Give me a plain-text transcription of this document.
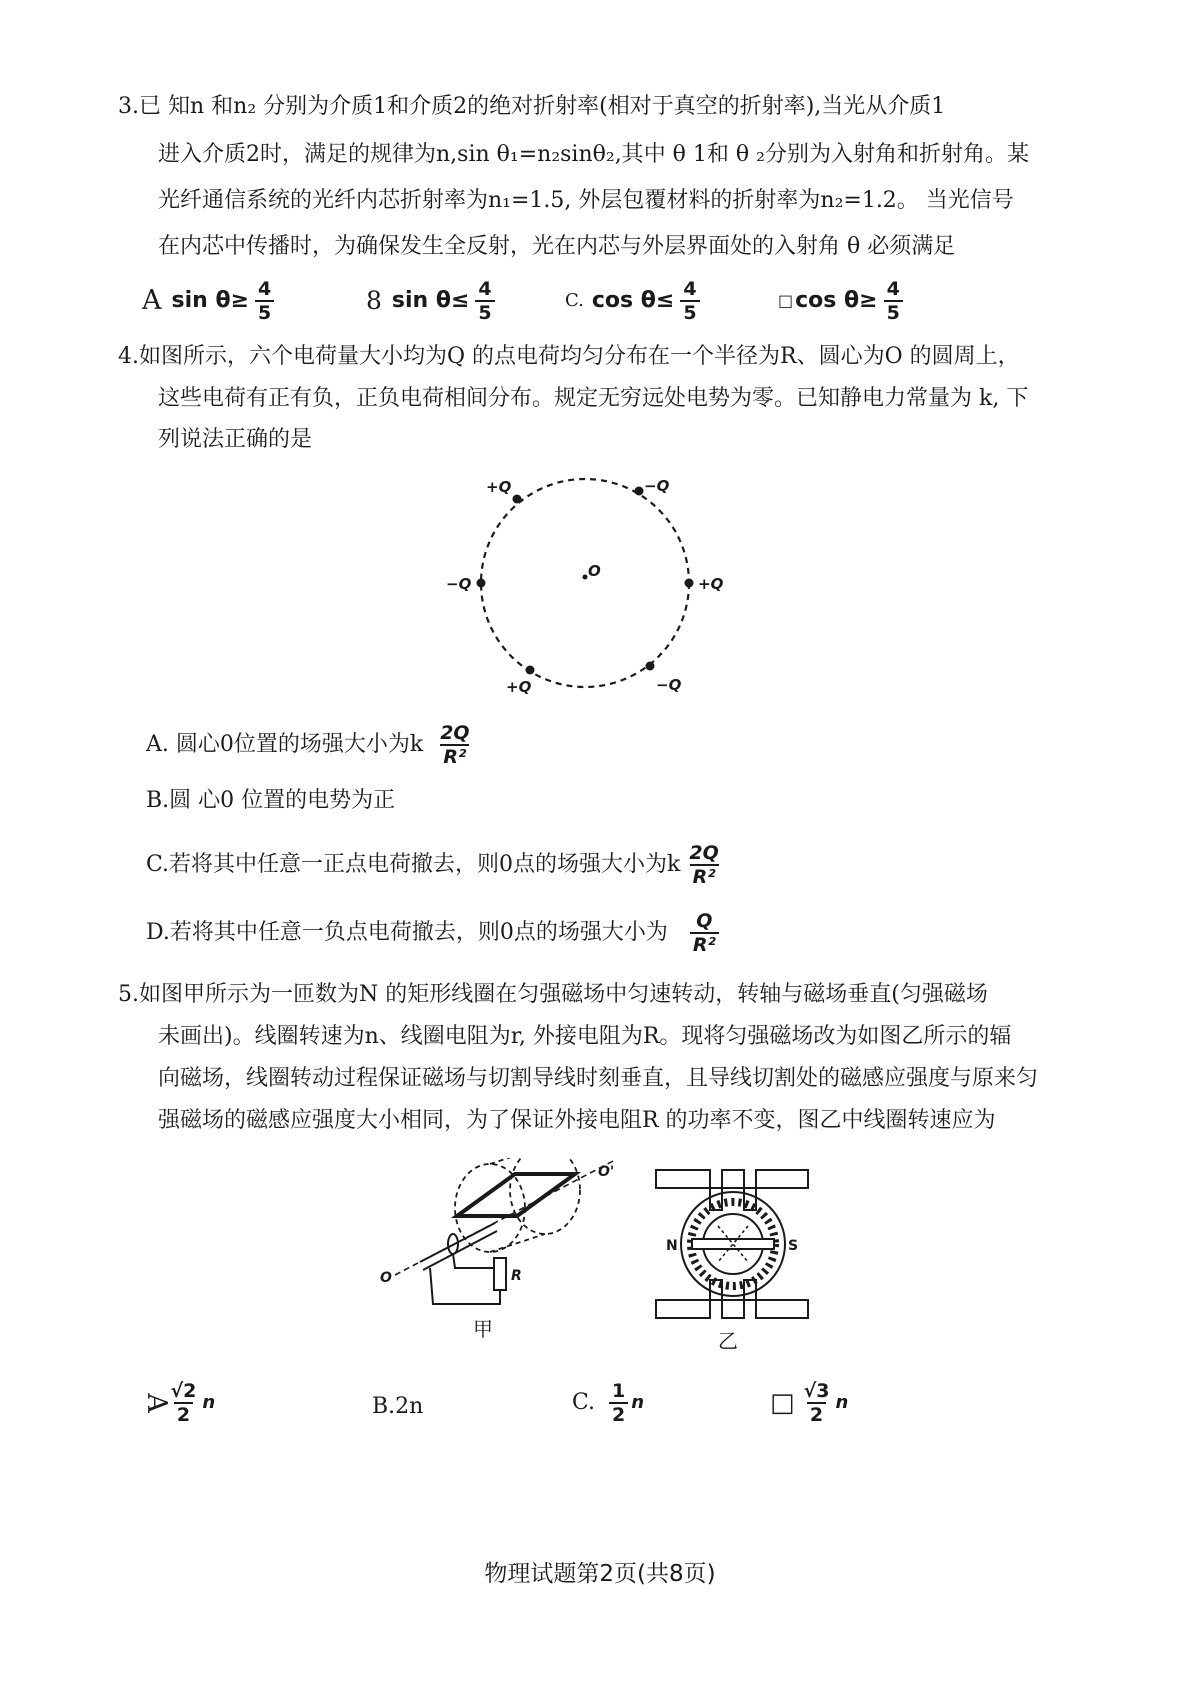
3.已 知n 和n₂ 分别为介质1和介质2的绝对折射率(相对于真空的折射率),当光从介质1
进入介质2时，满足的规律为n,sin θ₁=n₂sinθ₂,其中 θ 1和 θ ₂分别为入射角和折射角。某
光纤通信系统的光纤内芯折射率为n₁=1.5, 外层包覆材料的折射率为n₂=1.2。 当光信号
在内芯中传播时，为确保发生全反射，光在内芯与外层界面处的入射角 θ 必须满足
A $\sin \theta\ge \frac{4}{5}$	8 $\sin \theta\le \frac{4}{5}$	C. $\cos \theta\le \frac{4}{5}$	□ $\cos \theta\ge \frac{4}{5}$
4.如图所示，六个电荷量大小均为Q 的点电荷均匀分布在一个半径为R、圆心为O 的圆周上，
这些电荷有正有负，正负电荷相间分布。规定无穷远处电势为零。已知静电力常量为 k, 下
列说法正确的是
+Q	−Q
−Q	+Q
+Q	−Q
O
A. 圆心0位置的场强大小为k $\frac{2Q}{\text{R²}}$
B.圆 心0 位置的电势为正
C.若将其中任意一正点电荷撤去，则0点的场强大小为k $\frac{2Q}{\text{R²}}$
D.若将其中任意一负点电荷撤去，则0点的场强大小为 $\frac{Q}{\text{R²}}$
5.如图甲所示为一匝数为N 的矩形线圈在匀强磁场中匀速转动，转轴与磁场垂直(匀强磁场
未画出)。线圈转速为n、线圈电阻为r, 外接电阻为R。现将匀强磁场改为如图乙所示的辐
向磁场，线圈转动过程保证磁场与切割导线时刻垂直，且导线切割处的磁感应强度与原来匀
强磁场的磁感应强度大小相同，为了保证外接电阻R 的功率不变，图乙中线圈转速应为
O
O'
R
甲
N	S
乙
A
$\frac{√2}{2}$ n	B.2n	C. $\frac{1}{2}$ n	□ $\frac{√3}{2}$ n
物理试题第2页(共8页)
